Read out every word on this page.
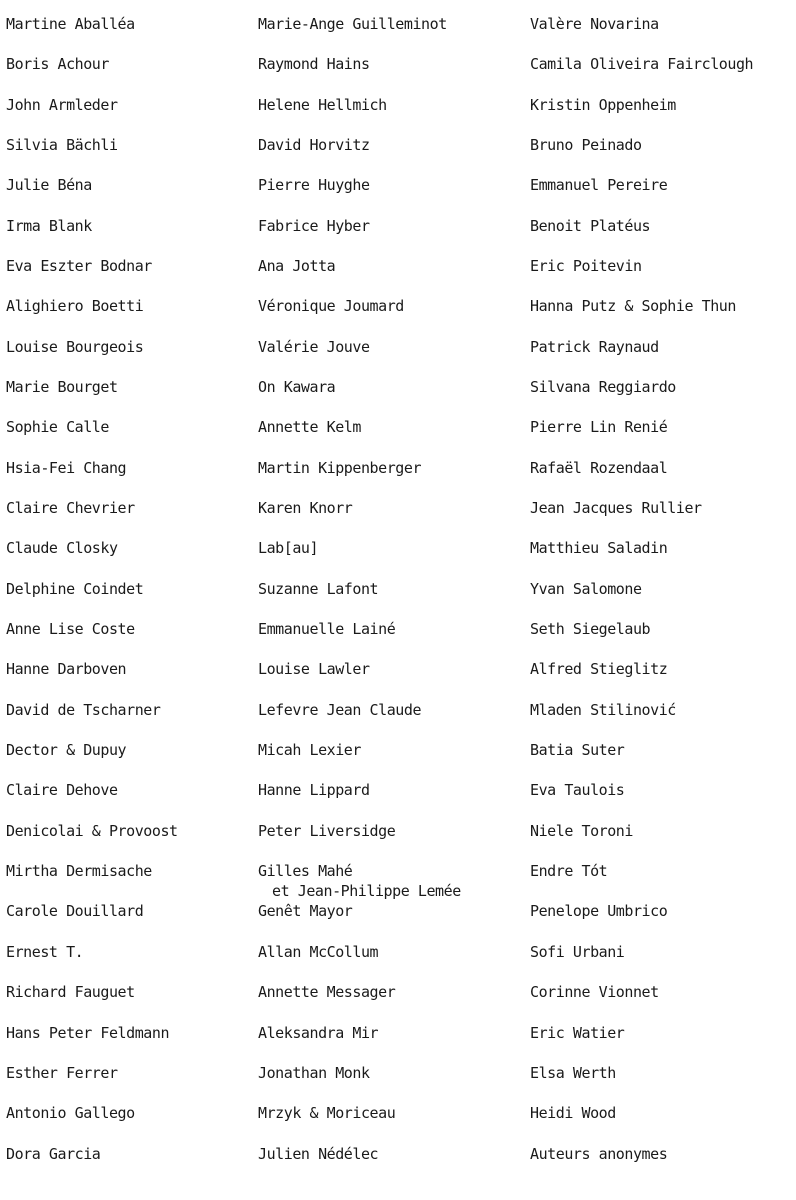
Martine Aballéa
Boris Achour
John Armleder
Silvia Bächli
Julie Béna
Irma Blank
Eva Eszter Bodnar
Alighiero Boetti
Louise Bourgeois
Marie Bourget
Sophie Calle
Hsia-Fei Chang
Claire Chevrier
Claude Closky
Delphine Coindet
Anne Lise Coste
Hanne Darboven
David de Tscharner
Dector & Dupuy
Claire Dehove
Denicolai & Provoost
Mirtha Dermisache
Carole Douillard
Ernest T.
Richard Fauguet
Hans Peter Feldmann
Esther Ferrer
Antonio Gallego
Dora Garcia
Marie-Ange Guilleminot
Raymond Hains
Helene Hellmich
David Horvitz
Pierre Huyghe
Fabrice Hyber
Ana Jotta
Véronique Joumard
Valérie Jouve
On Kawara
Annette Kelm
Martin Kippenberger
Karen Knorr
Lab[au]
Suzanne Lafont
Emmanuelle Lainé
Louise Lawler
Lefevre Jean Claude
Micah Lexier
Hanne Lippard
Peter Liversidge
Gilles Mahé
et Jean-Philippe Lemée
Genêt Mayor
Allan McCollum
Annette Messager
Aleksandra Mir
Jonathan Monk
Mrzyk & Moriceau
Julien Nédélec
Valère Novarina
Camila Oliveira Fairclough
Kristin Oppenheim
Bruno Peinado
Emmanuel Pereire
Benoit Platéus
Eric Poitevin
Hanna Putz & Sophie Thun
Patrick Raynaud
Silvana Reggiardo
Pierre Lin Renié
Rafaël Rozendaal
Jean Jacques Rullier
Matthieu Saladin
Yvan Salomone
Seth Siegelaub
Alfred Stieglitz
Mladen Stilinović
Batia Suter
Eva Taulois
Niele Toroni
Endre Tót
Penelope Umbrico
Sofi Urbani
Corinne Vionnet
Eric Watier
Elsa Werth
Heidi Wood
Auteurs anonymes
